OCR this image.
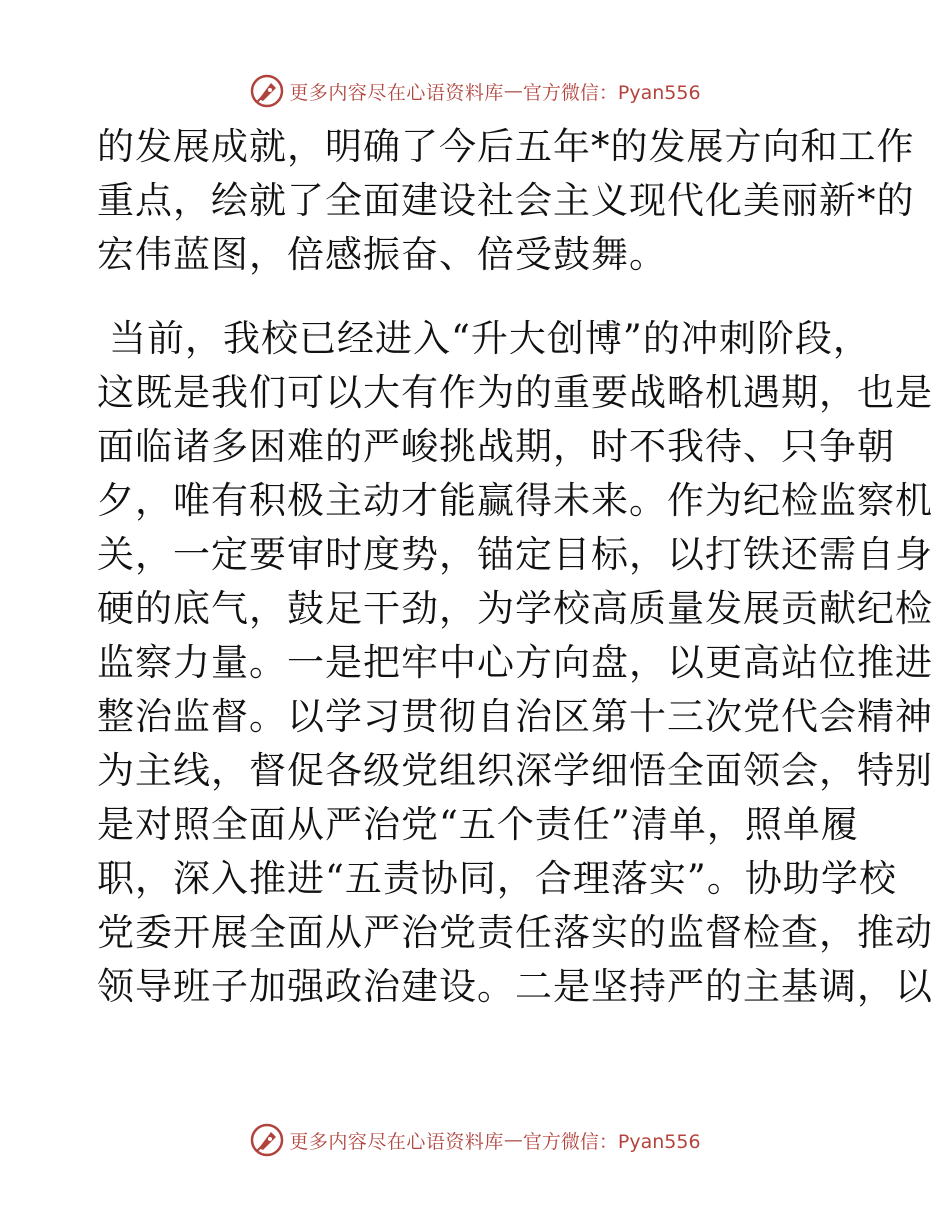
更多内容尽在心语资料库 — 官方微信：Pyan556
的发展成就，明确了今后五年*的发展方向和工作
重点，绘就了全面建设社会主义现代化美丽新*的
宏伟蓝图，倍感振奋、倍受鼓舞。
当前，我校已经进入“升大创博”的冲刺阶段，
这既是我们可以大有作为的重要战略机遇期，也是
面临诸多困难的严峻挑战期，时不我待、只争朝
夕，唯有积极主动才能赢得未来。作为纪检监察机
关，一定要审时度势，锚定目标，以打铁还需自身
硬的底气，鼓足干劲，为学校高质量发展贡献纪检
监察力量。一是把牢中心方向盘，以更高站位推进
整治监督。以学习贯彻自治区第十三次党代会精神
为主线，督促各级党组织深学细悟全面领会，特别
是对照全面从严治党“五个责任”清单，照单履
职，深入推进“五责协同，合理落实”。协助学校
党委开展全面从严治党责任落实的监督检查，推动
领导班子加强政治建设。二是坚持严的主基调，以
更多内容尽在心语资料库 — 官方微信：Pyan556
